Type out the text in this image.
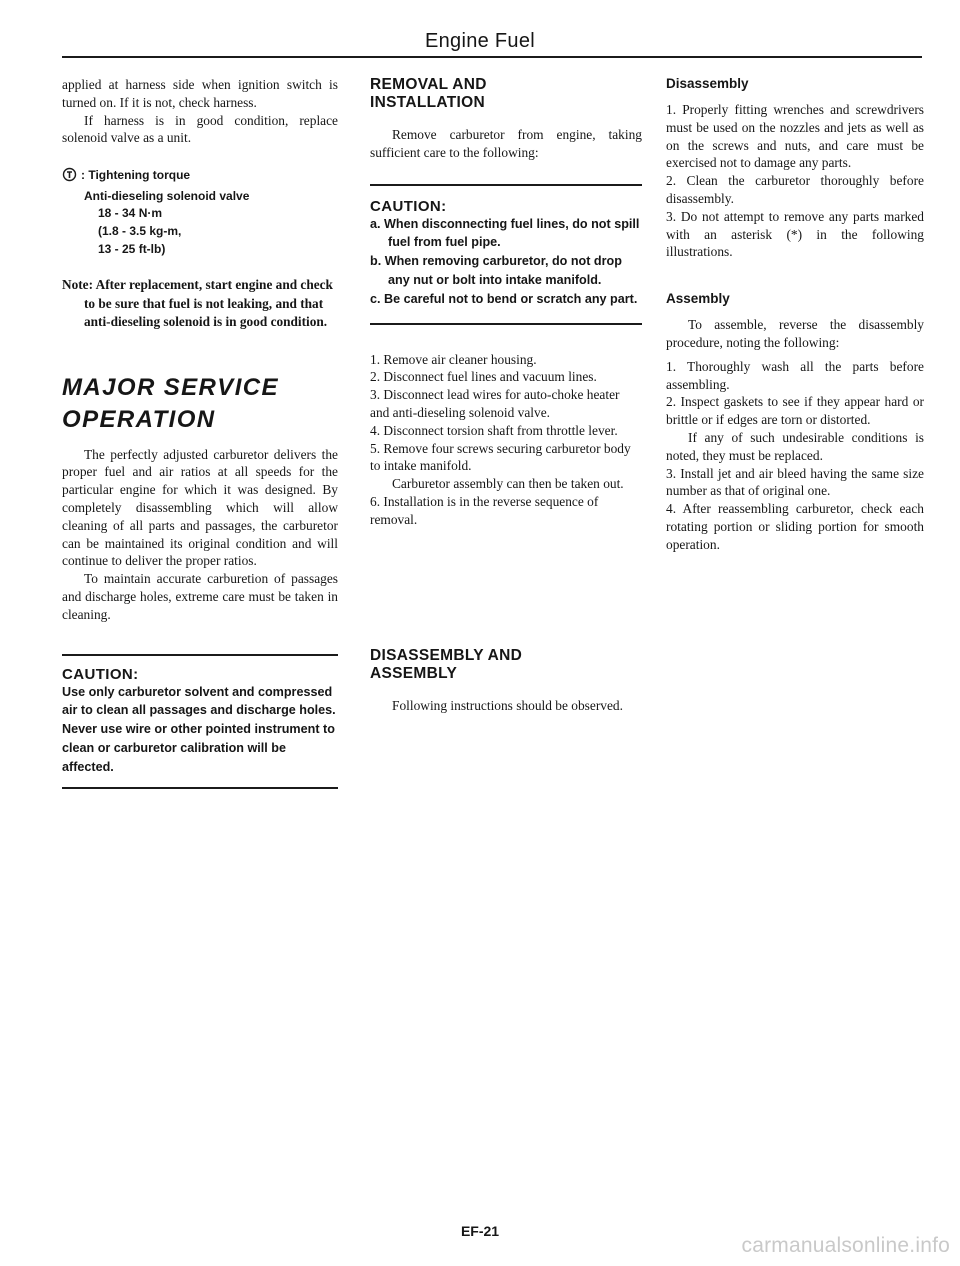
Engine Fuel

applied at harness side when ignition switch is turned on. If it is not, check harness.

If harness is in good condition, replace solenoid valve as a unit.

: Tightening torque
Anti-dieseling solenoid valve
18 - 34 N·m
(1.8 - 3.5 kg-m,
13 - 25 ft-lb)

Note: After replacement, start engine and check to be sure that fuel is not leaking, and that anti-dieseling solenoid is in good condition.

MAJOR SERVICE

OPERATION

The perfectly adjusted carburetor delivers the proper fuel and air ratios at all speeds for the particular engine for which it was designed. By completely disassembling which will allow cleaning of all parts and passages, the carburetor can be maintained its original condition and will continue to deliver the proper ratios.

To maintain accurate carburetion of passages and discharge holes, extreme care must be taken in cleaning.

CAUTION:

Use only carburetor solvent and compressed air to clean all passages and discharge holes. Never use wire or other pointed instrument to clean or carburetor calibration will be affected.

REMOVAL AND

INSTALLATION

Remove carburetor from engine, taking sufficient care to the following:

CAUTION:

a. When disconnecting fuel lines, do not spill fuel from fuel pipe.

b. When removing carburetor, do not drop any nut or bolt into intake manifold.

c. Be careful not to bend or scratch any part.

1. Remove air cleaner housing.

2. Disconnect fuel lines and vacuum lines.

3. Disconnect lead wires for auto-choke heater and anti-dieseling solenoid valve.

4. Disconnect torsion shaft from throttle lever.

5. Remove four screws securing carburetor body to intake manifold.

Carburetor assembly can then be taken out.

6. Installation is in the reverse sequence of removal.

DISASSEMBLY AND

ASSEMBLY

Following instructions should be observed.

Disassembly

1. Properly fitting wrenches and screwdrivers must be used on the nozzles and jets as well as on the screws and nuts, and care must be exercised not to damage any parts.

2. Clean the carburetor thoroughly before disassembly.

3. Do not attempt to remove any parts marked with an asterisk (*) in the following illustrations.

Assembly

To assemble, reverse the disassembly procedure, noting the following:

1. Thoroughly wash all the parts before assembling.

2. Inspect gaskets to see if they appear hard or brittle or if edges are torn or distorted.

If any of such undesirable conditions is noted, they must be replaced.

3. Install jet and air bleed having the same size number as that of original one.

4. After reassembling carburetor, check each rotating portion or sliding portion for smooth operation.

EF-21
carmanualsonline.info
